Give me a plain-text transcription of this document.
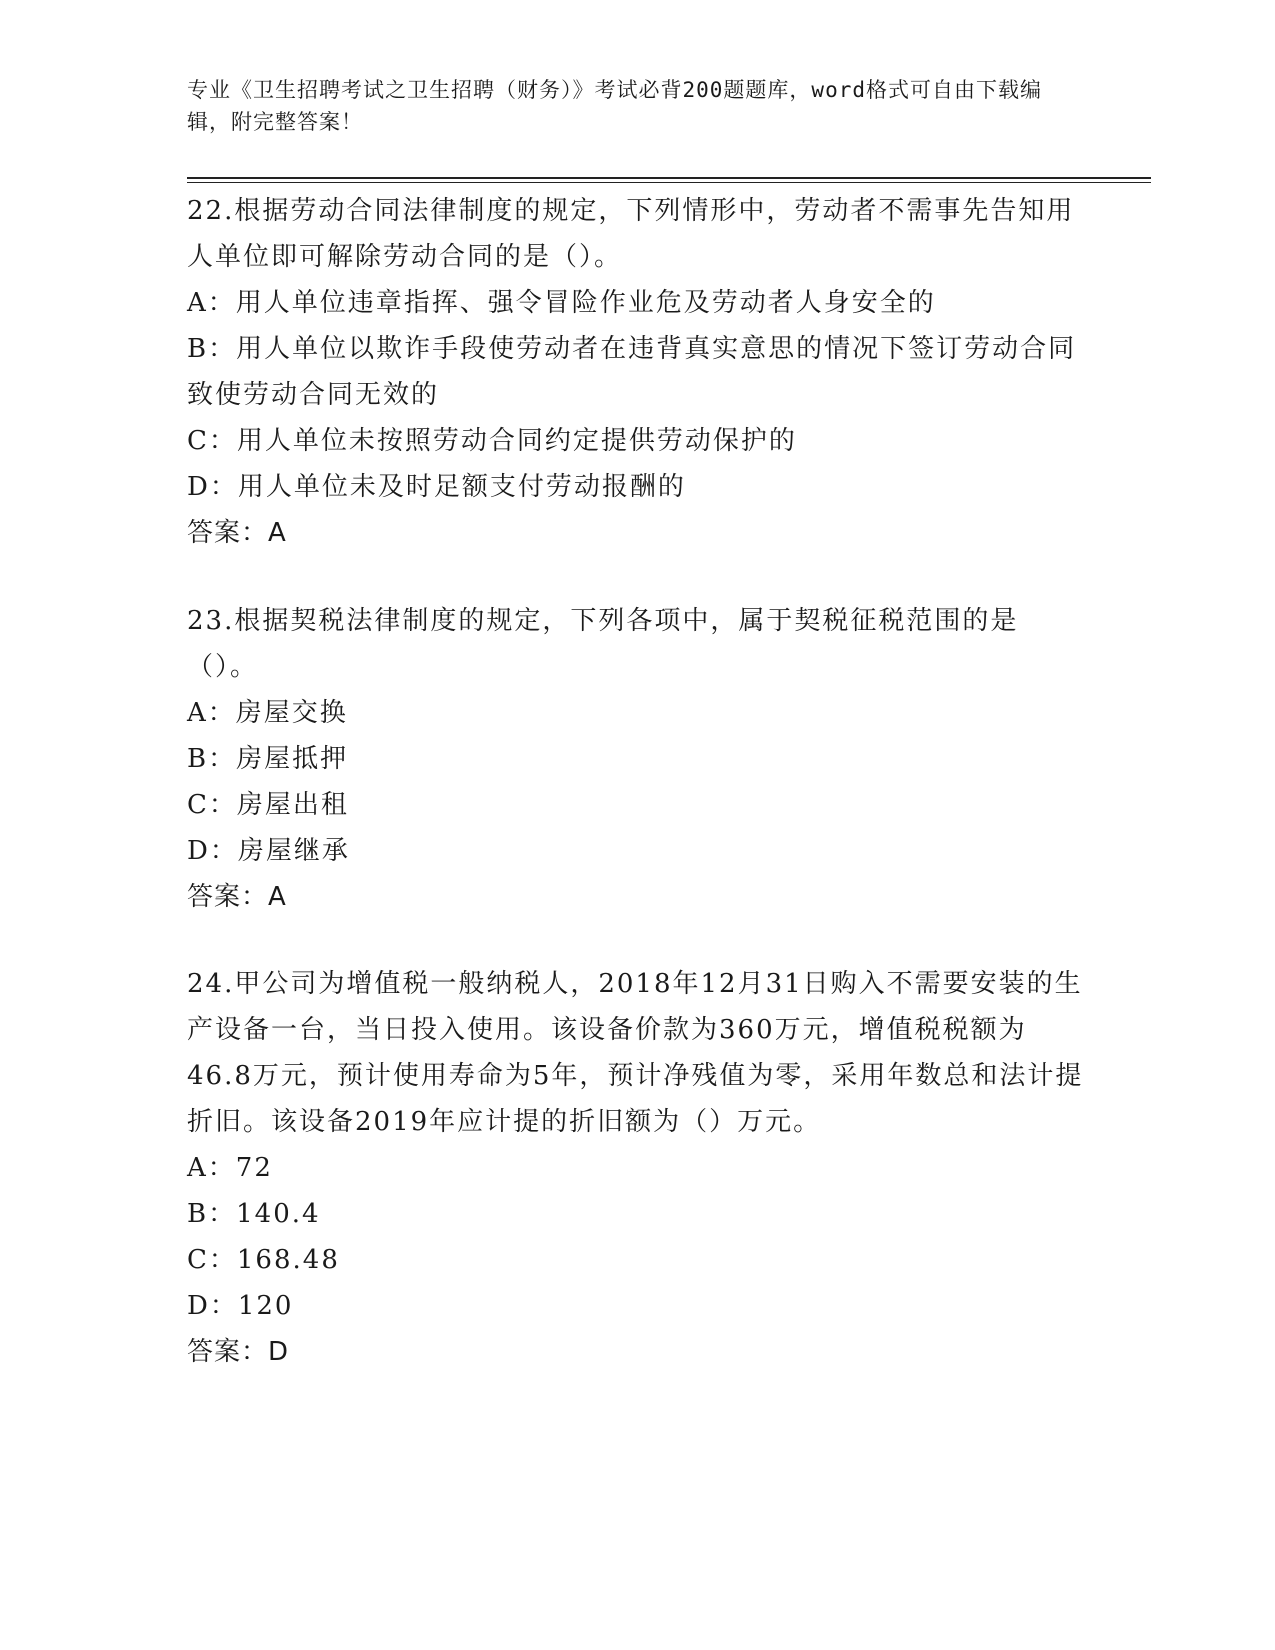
专业《卫生招聘考试之卫生招聘（财务）》考试必背200题题库，word格式可自由下载编辑，附完整答案！

22.根据劳动合同法律制度的规定，下列情形中，劳动者不需事先告知用人单位即可解除劳动合同的是（）。

A：用人单位违章指挥、强令冒险作业危及劳动者人身安全的

B：用人单位以欺诈手段使劳动者在违背真实意思的情况下签订劳动合同致使劳动合同无效的

C：用人单位未按照劳动合同约定提供劳动保护的

D：用人单位未及时足额支付劳动报酬的

答案：A

23.根据契税法律制度的规定，下列各项中，属于契税征税范围的是（）。

A：房屋交换

B：房屋抵押

C：房屋出租

D：房屋继承

答案：A

24.甲公司为增值税一般纳税人，2018年12月31日购入不需要安装的生产设备一台，当日投入使用。该设备价款为360万元，增值税税额为46.8万元，预计使用寿命为5年，预计净残值为零，采用年数总和法计提折旧。该设备2019年应计提的折旧额为（）万元。

A：72

B：140.4

C：168.48

D：120

答案：D
